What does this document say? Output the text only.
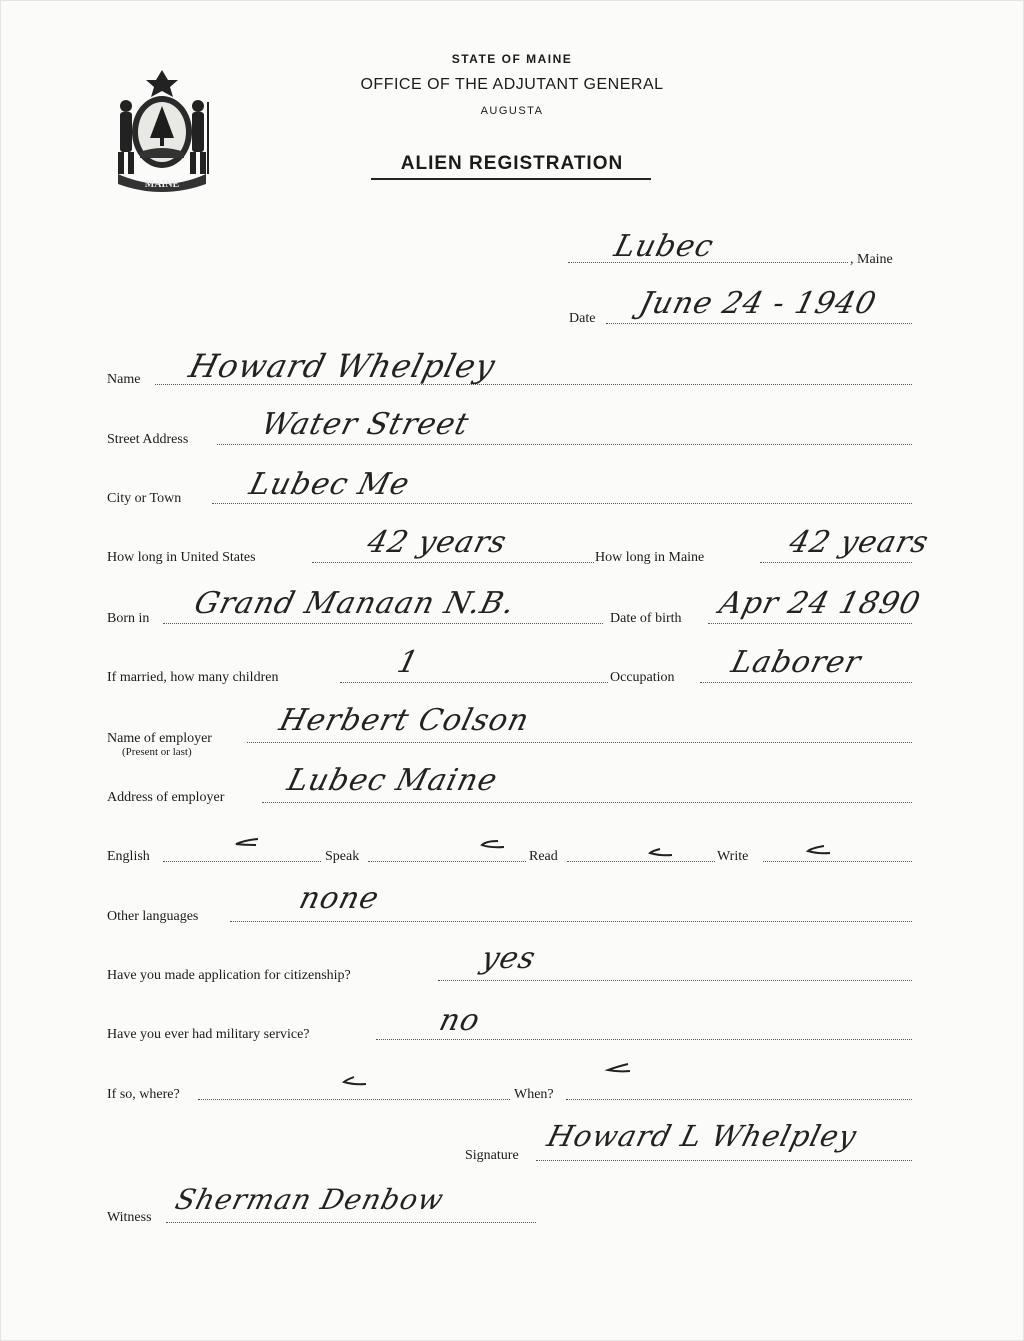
MAINE
STATE OF MAINE
OFFICE OF THE ADJUTANT GENERAL
AUGUSTA
ALIEN REGISTRATION
Lubec	, Maine
Date June 24 - 1940
Name Howard Whelpley
Street Address Water Street
City or Town Lubec Me
How long in United States	42 years	How long in Maine	42 years
Born in Grand Manaan N.B.	Date of birth Apr 24 1890
If married, how many children	1	Occupation Laborer
Name of employer
(Present or last)
Herbert Colson
Address of employer Lubec Maine
English	Speak	Read	Write
Other languages
none
Have you made application for citizenship?	yes
Have you ever had military service?	no
If so, where?	When?
Signature
Howard L Whelpley
Witness
Sherman Denbow
